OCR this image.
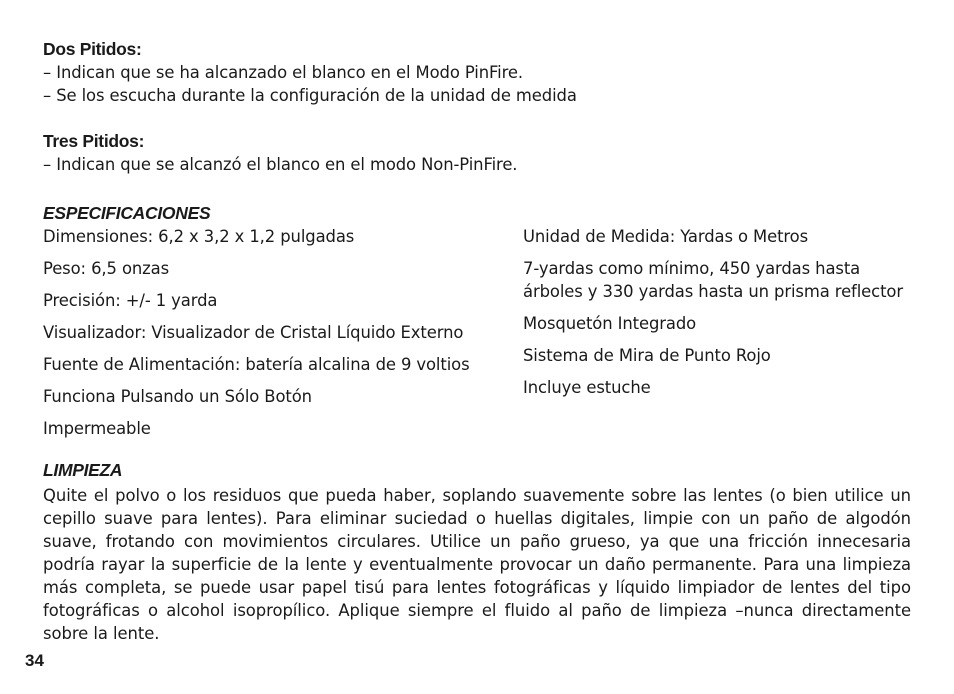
Dos Pitidos:
– Indican que se ha alcanzado el blanco en el Modo PinFire.
– Se los escucha durante la configuración de la unidad de medida
Tres Pitidos:
– Indican que se alcanzó el blanco en el modo Non-PinFire.
ESPECIFICACIONES
Dimensiones: 6,2 x 3,2 x 1,2 pulgadas
Peso: 6,5 onzas
Precisión: +/- 1 yarda
Visualizador: Visualizador de Cristal Líquido Externo
Fuente de Alimentación: batería alcalina de 9 voltios
Funciona Pulsando un Sólo Botón
Impermeable
Unidad de Medida: Yardas o Metros
7-yardas como mínimo, 450 yardas hasta árboles y 330 yardas hasta un prisma reflector
Mosquetón Integrado
Sistema de Mira de Punto Rojo
Incluye estuche
LIMPIEZA
Quite el polvo o los residuos que pueda haber, soplando suavemente sobre las lentes (o bien utilice un cepillo suave para lentes). Para eliminar suciedad o huellas digitales, limpie con un paño de algodón suave, frotando con movimientos circulares. Utilice un paño grueso, ya que una fricción innecesaria podría rayar la superficie de la lente y eventualmente provocar un daño permanente. Para una limpieza más completa, se puede usar papel tisú para lentes fotográficas y líquido limpiador de lentes del tipo fotográficas o alcohol isopropílico. Aplique siempre el fluido al paño de limpieza –nunca directamente sobre la lente.
34
